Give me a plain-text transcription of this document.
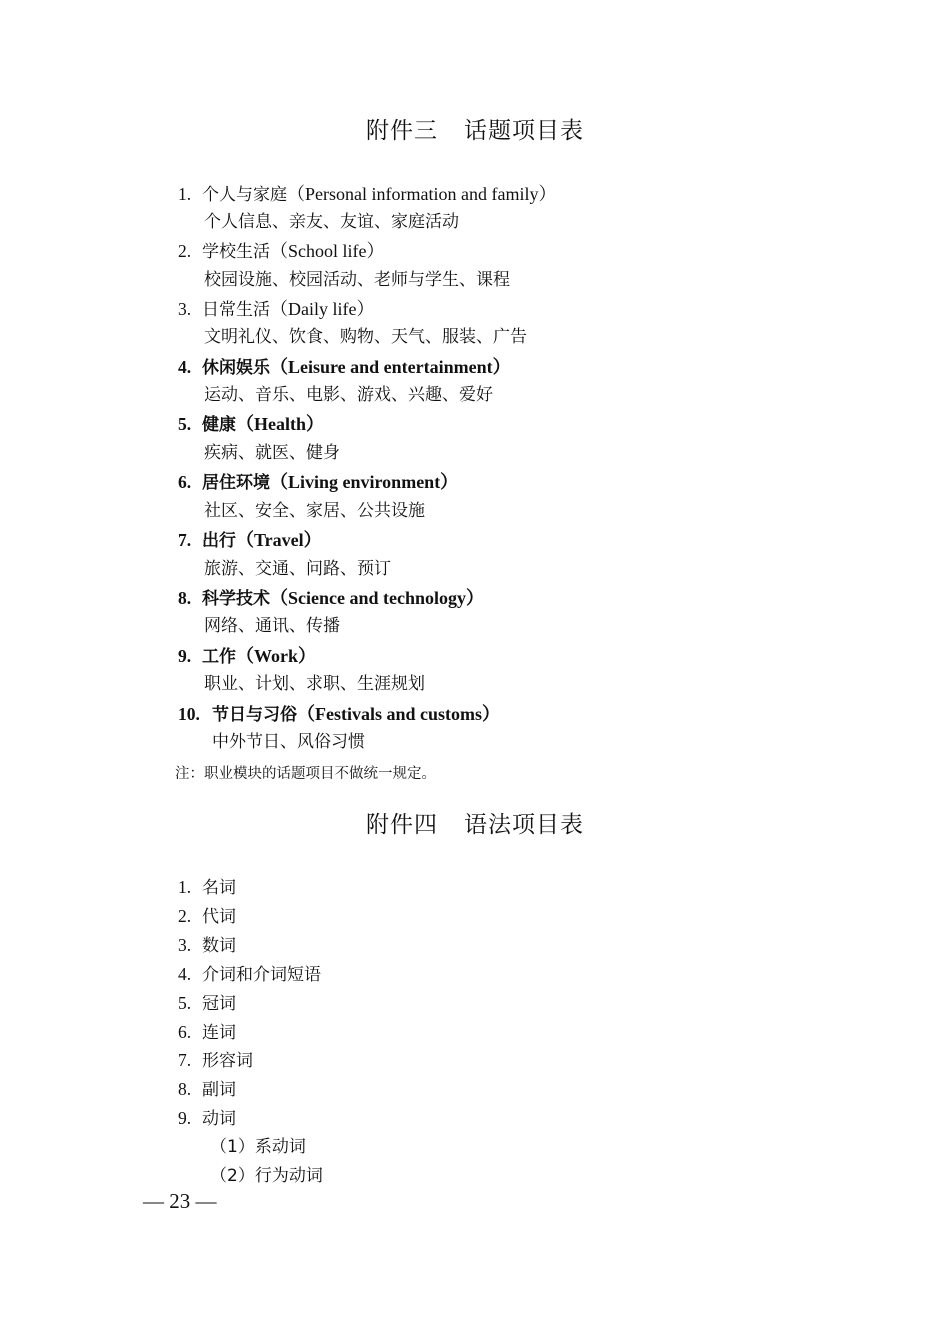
附件三 话题项目表
1. 个人与家庭（Personal information and family）
个人信息、亲友、友谊、家庭活动
2. 学校生活（School life）
校园设施、校园活动、老师与学生、课程
3. 日常生活（Daily life）
文明礼仪、饮食、购物、天气、服装、广告
4. 休闲娱乐（Leisure and entertainment）
运动、音乐、电影、游戏、兴趣、爱好
5. 健康（Health）
疾病、就医、健身
6. 居住环境（Living environment）
社区、安全、家居、公共设施
7. 出行（Travel）
旅游、交通、问路、预订
8. 科学技术（Science and technology）
网络、通讯、传播
9. 工作（Work）
职业、计划、求职、生涯规划
10. 节日与习俗（Festivals and customs）
中外节日、风俗习惯
注：职业模块的话题项目不做统一规定。
附件四 语法项目表
1. 名词
2. 代词
3. 数词
4. 介词和介词短语
5. 冠词
6. 连词
7. 形容词
8. 副词
9. 动词
（1）系动词
（2）行为动词
— 23 —
